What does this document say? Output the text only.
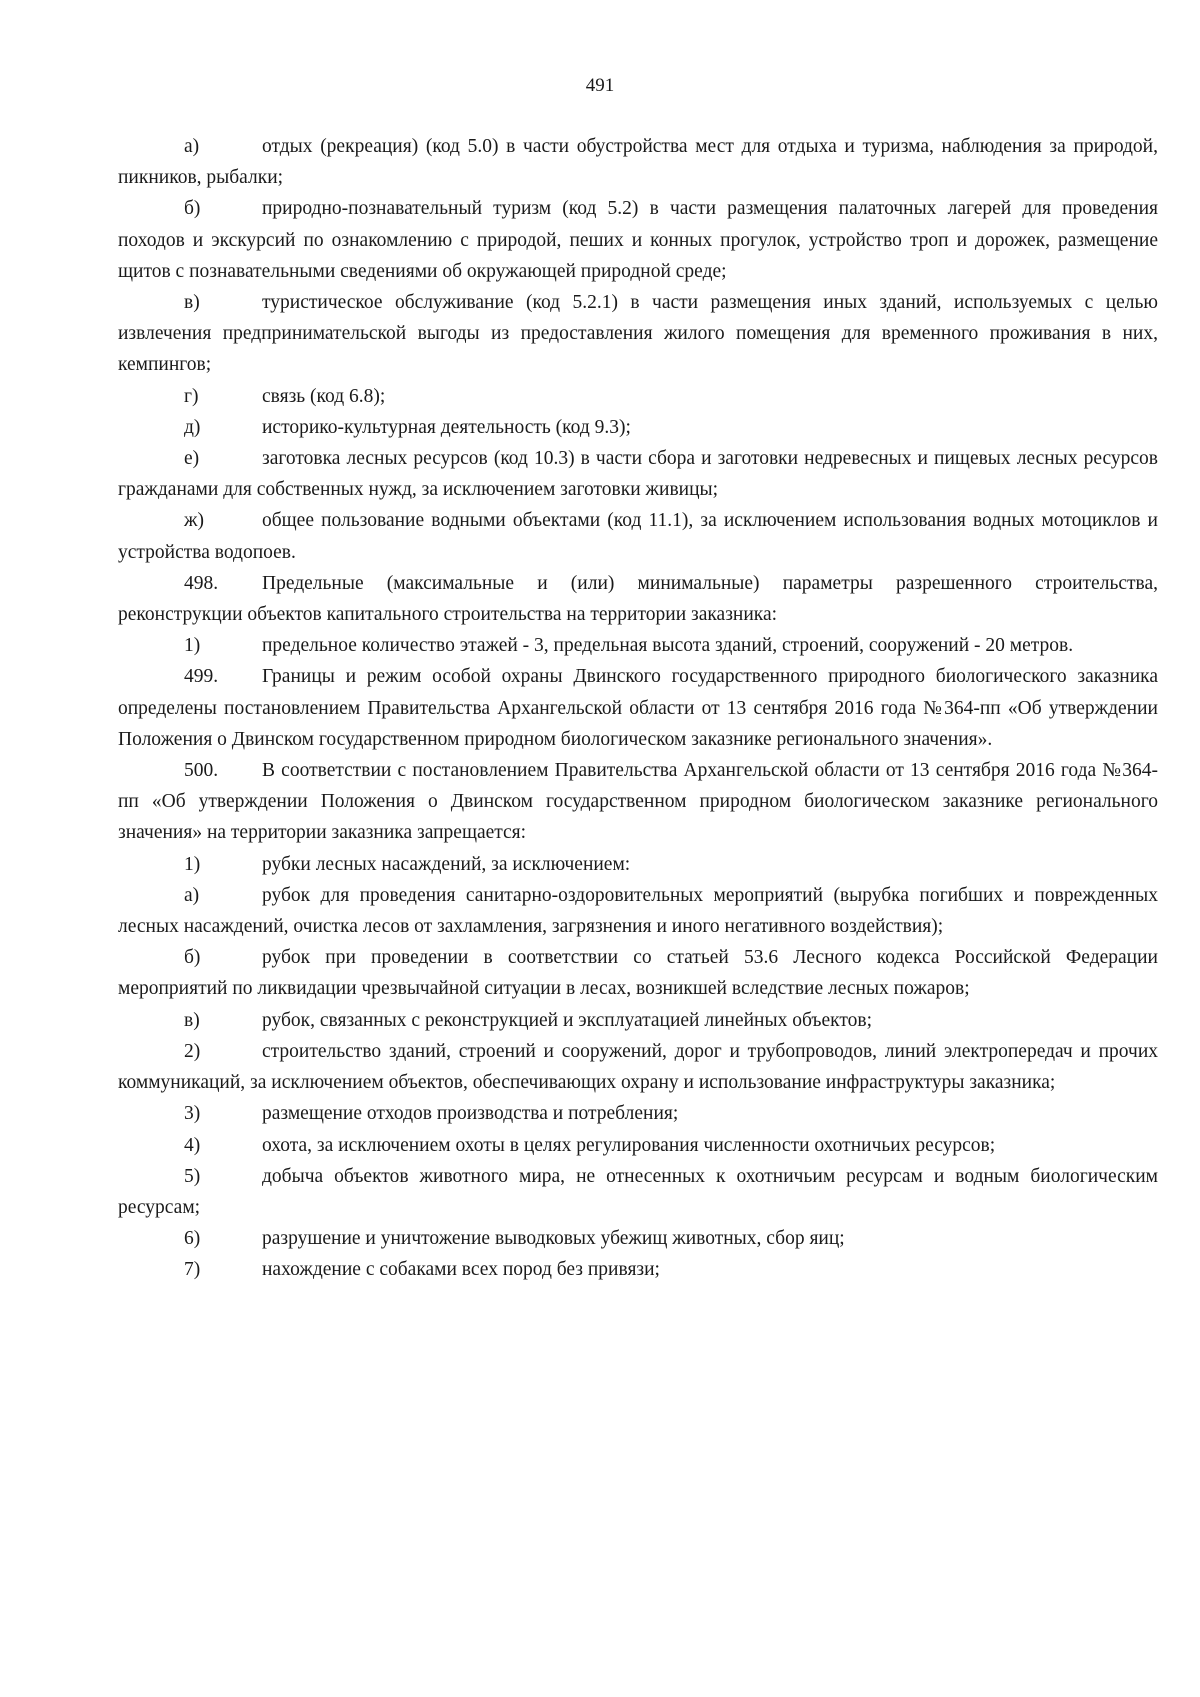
491

а)	отдых (рекреация) (код 5.0) в части обустройства мест для отдыха и туризма, наблюдения за природой, пикников, рыбалки;

б)	природно-познавательный туризм (код 5.2) в части размещения палаточных лагерей для проведения походов и экскурсий по ознакомлению с природой, пеших и конных прогулок, устройство троп и дорожек, размещение щитов с познавательными сведениями об окружающей природной среде;

в)	туристическое обслуживание (код 5.2.1) в части размещения иных зданий, используемых с целью извлечения предпринимательской выгоды из предоставления жилого помещения для временного проживания в них, кемпингов;

г)	связь (код 6.8);

д)	историко-культурная деятельность (код 9.3);

е)	заготовка лесных ресурсов (код 10.3) в части сбора и заготовки недревесных и пищевых лесных ресурсов гражданами для собственных нужд, за исключением заготовки живицы;

ж)	общее пользование водными объектами (код 11.1), за исключением использования водных мотоциклов и устройства водопоев.

498. Предельные (максимальные и (или) минимальные) параметры разрешенного строительства, реконструкции объектов капитального строительства на территории заказника:

1)	предельное количество этажей - 3, предельная высота зданий, строений, сооружений - 20 метров.

499. Границы и режим особой охраны Двинского государственного природного биологического заказника определены постановлением Правительства Архангельской области от 13 сентября 2016 года №364-пп «Об утверждении Положения о Двинском государственном природном биологическом заказнике регионального значения».

500. В соответствии с постановлением Правительства Архангельской области от 13 сентября 2016 года №364-пп «Об утверждении Положения о Двинском государственном природном биологическом заказнике регионального значения» на территории заказника запрещается:

1)	рубки лесных насаждений, за исключением:

а)	рубок для проведения санитарно-оздоровительных мероприятий (вырубка погибших и поврежденных лесных насаждений, очистка лесов от захламления, загрязнения и иного негативного воздействия);

б)	рубок при проведении в соответствии со статьей 53.6 Лесного кодекса Российской Федерации мероприятий по ликвидации чрезвычайной ситуации в лесах, возникшей вследствие лесных пожаров;

в)	рубок, связанных с реконструкцией и эксплуатацией линейных объектов;

2)	строительство зданий, строений и сооружений, дорог и трубопроводов, линий электропередач и прочих коммуникаций, за исключением объектов, обеспечивающих охрану и использование инфраструктуры заказника;

3)	размещение отходов производства и потребления;

4)	охота, за исключением охоты в целях регулирования численности охотничьих ресурсов;

5)	добыча объектов животного мира, не отнесенных к охотничьим ресурсам и водным биологическим ресурсам;

6)	разрушение и уничтожение выводковых убежищ животных, сбор яиц;

7)	нахождение с собаками всех пород без привязи;
